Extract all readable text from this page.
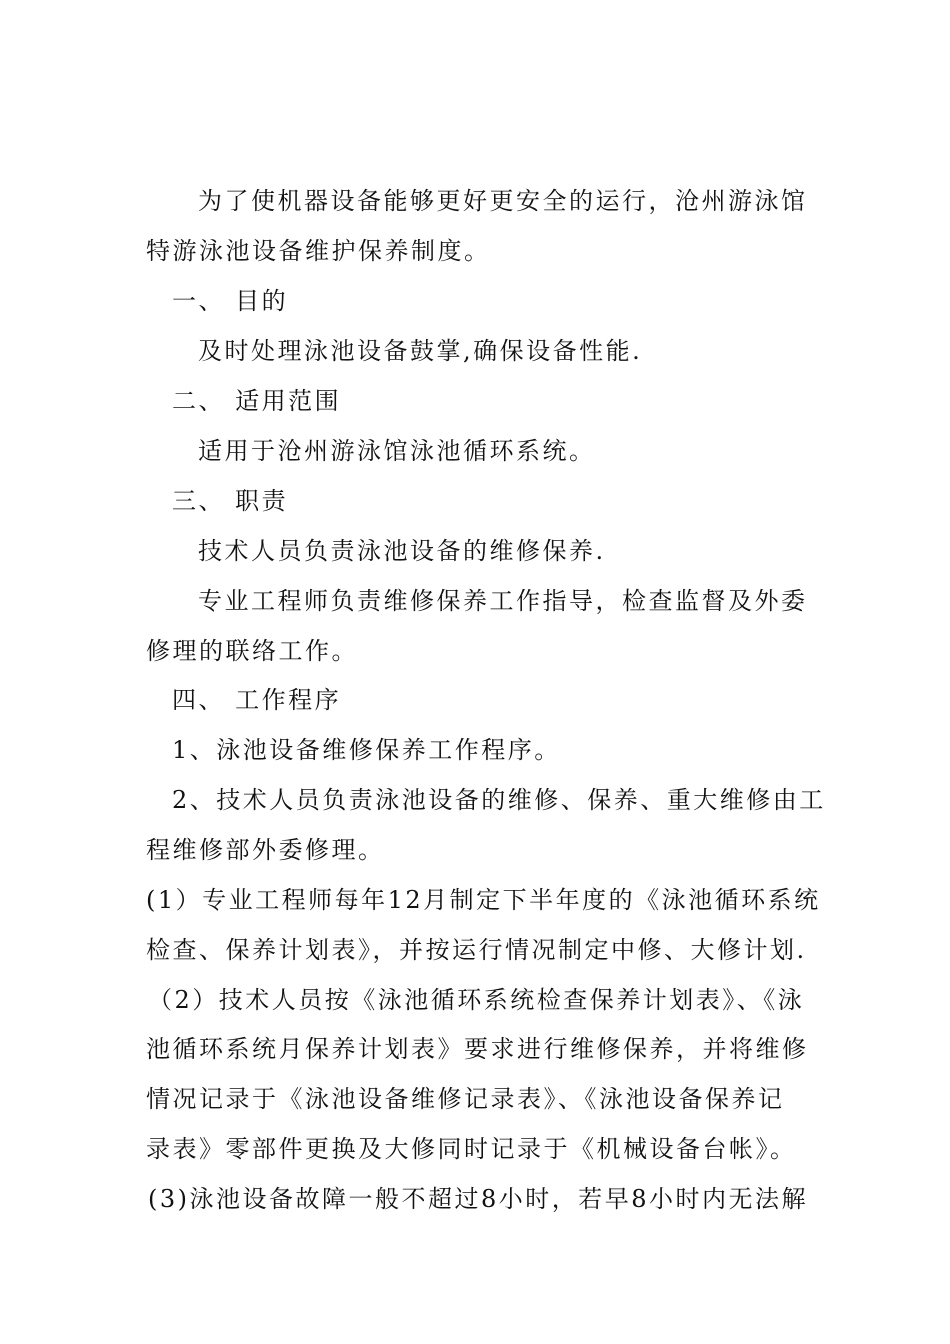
为了使机器设备能够更好更安全的运行，沧州游泳馆
特游泳池设备维护保养制度。
一、 目的
及时处理泳池设备鼓掌,确保设备性能.
二、 适用范围
适用于沧州游泳馆泳池循环系统。
三、 职责
技术人员负责泳池设备的维修保养.
专业工程师负责维修保养工作指导，检查监督及外委
修理的联络工作。
四、 工作程序
1、泳池设备维修保养工作程序。
2、技术人员负责泳池设备的维修、保养、重大维修由工
程维修部外委修理。
(1）专业工程师每年12月制定下半年度的《泳池循环系统
检查、保养计划表》，并按运行情况制定中修、大修计划.
（2）技术人员按《泳池循环系统检查保养计划表》、《泳
池循环系统月保养计划表》要求进行维修保养，并将维修
情况记录于《泳池设备维修记录表》、《泳池设备保养记
录表》零部件更换及大修同时记录于《机械设备台帐》。
(3)泳池设备故障一般不超过8小时，若早8小时内无法解
